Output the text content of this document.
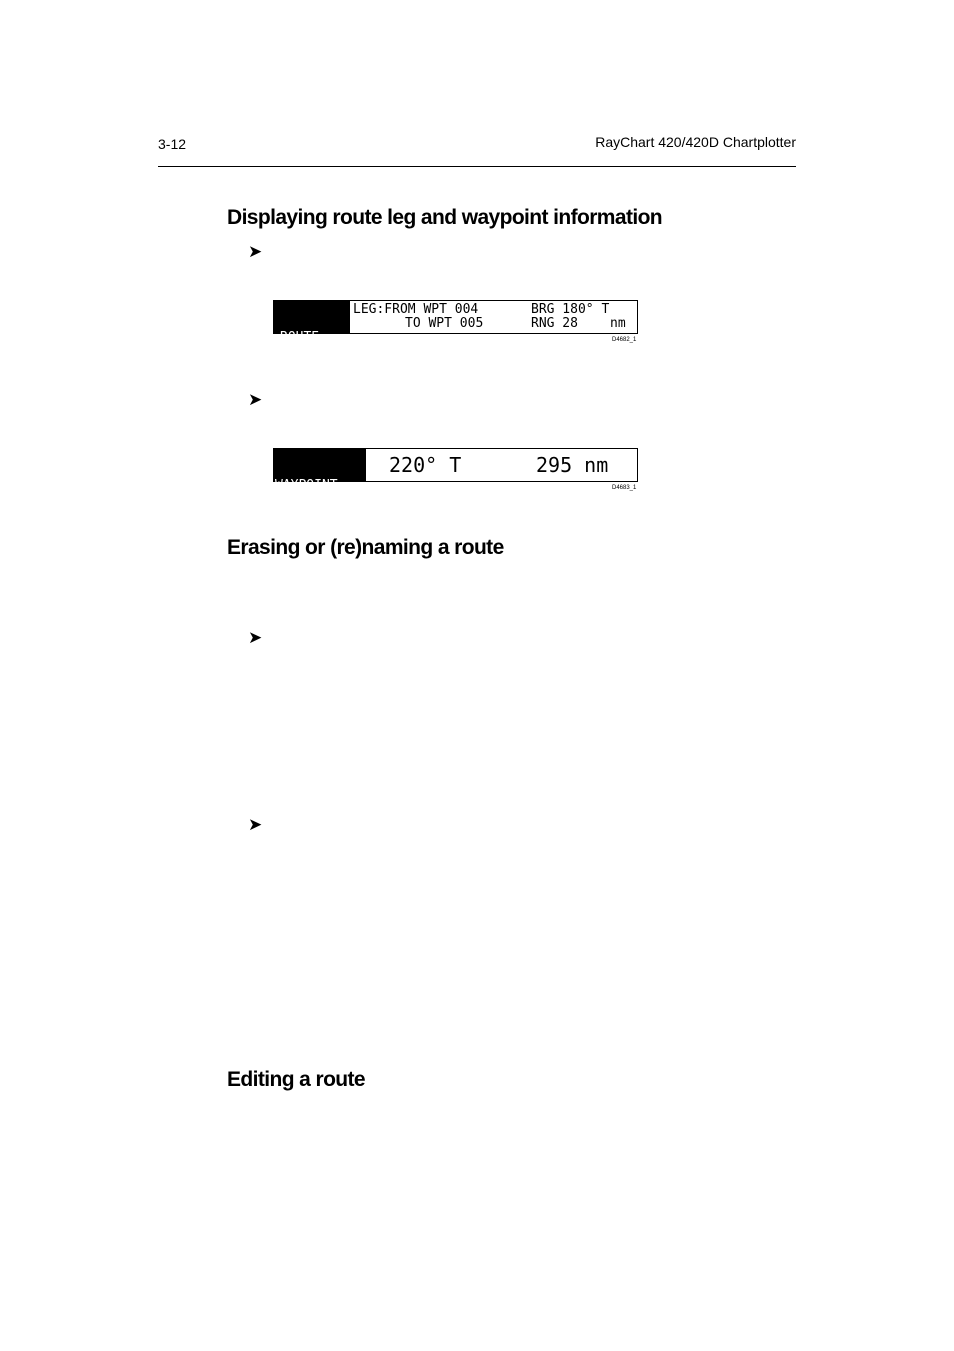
3-12	RayChart 420/420D Chartplotter
Displaying route leg and waypoint information
➤

ROUTE:-

CURRENT

LEG:FROM WPT 004
TO WPT 005
BRG 180° T
RNG 28 nm
D4682_1
➤

WAYPOINT:-

WPT 004

220° T	295 nm
D4683_1
Erasing or (re)naming a route
➤
➤
Editing a route
